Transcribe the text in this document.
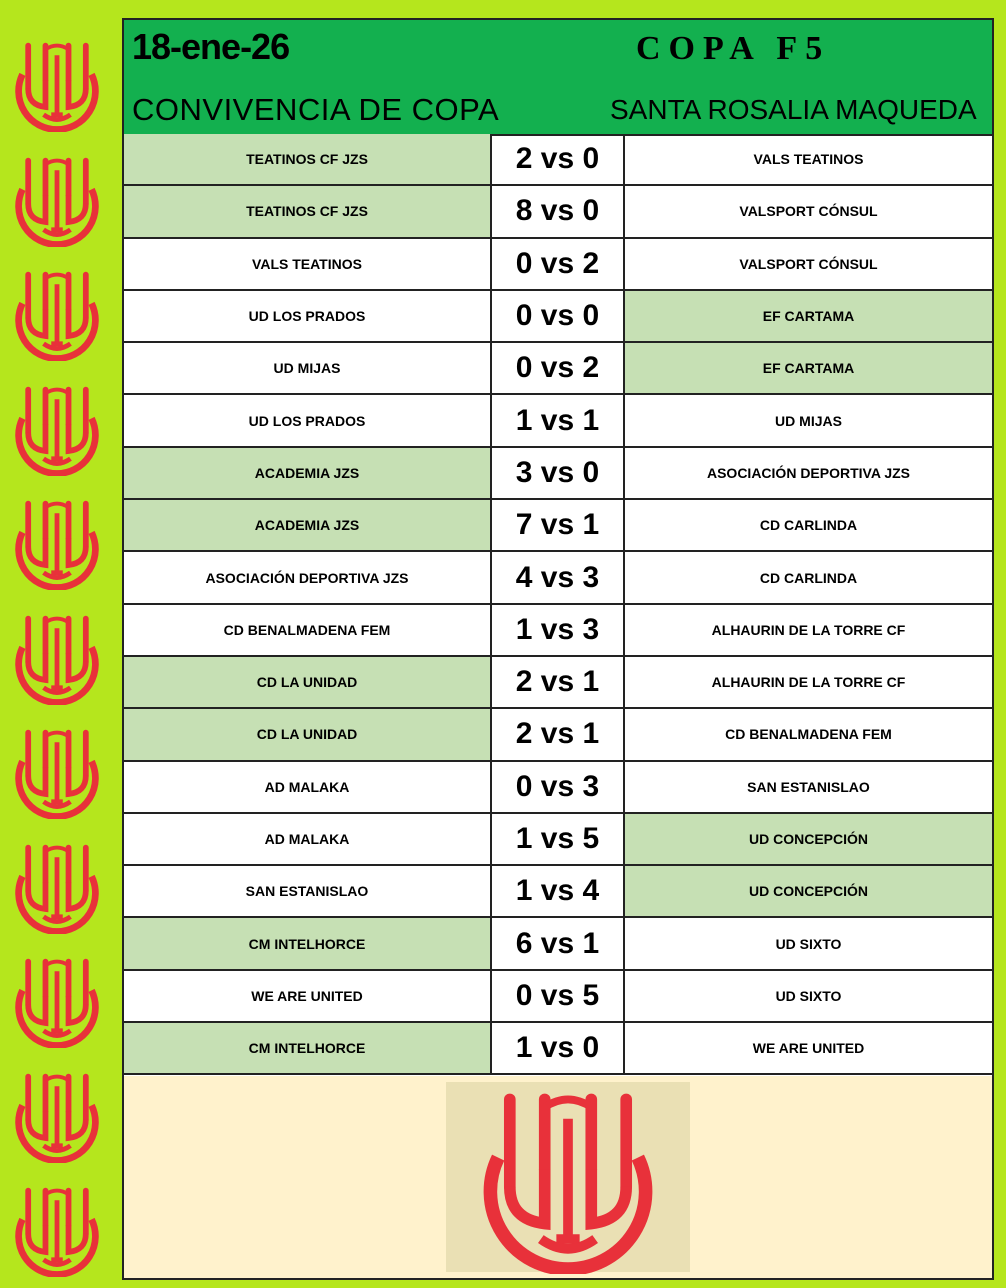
18-ene-26	COPA F5
CONVIVENCIA DE COPA	SANTA ROSALIA MAQUEDA
TEATINOS CF JZS	2 vs 0	VALS TEATINOS
TEATINOS CF JZS	8 vs 0	VALSPORT CÓNSUL
VALS TEATINOS	0 vs 2	VALSPORT CÓNSUL
UD LOS PRADOS	0 vs 0	EF CARTAMA
UD MIJAS	0 vs 2	EF CARTAMA
UD LOS PRADOS	1 vs 1	UD MIJAS
ACADEMIA JZS	3 vs 0	ASOCIACIÓN DEPORTIVA JZS
ACADEMIA JZS	7 vs 1	CD CARLINDA
ASOCIACIÓN DEPORTIVA JZS	4 vs 3	CD CARLINDA
CD BENALMADENA FEM	1 vs 3	ALHAURIN DE LA TORRE CF
CD LA UNIDAD	2 vs 1	ALHAURIN DE LA TORRE CF
CD LA UNIDAD	2 vs 1	CD BENALMADENA FEM
AD MALAKA	0 vs 3	SAN ESTANISLAO
AD MALAKA	1 vs 5	UD CONCEPCIÓN
SAN ESTANISLAO	1 vs 4	UD CONCEPCIÓN
CM INTELHORCE	6 vs 1	UD SIXTO
WE ARE UNITED	0 vs 5	UD SIXTO
CM INTELHORCE	1 vs 0	WE ARE UNITED
